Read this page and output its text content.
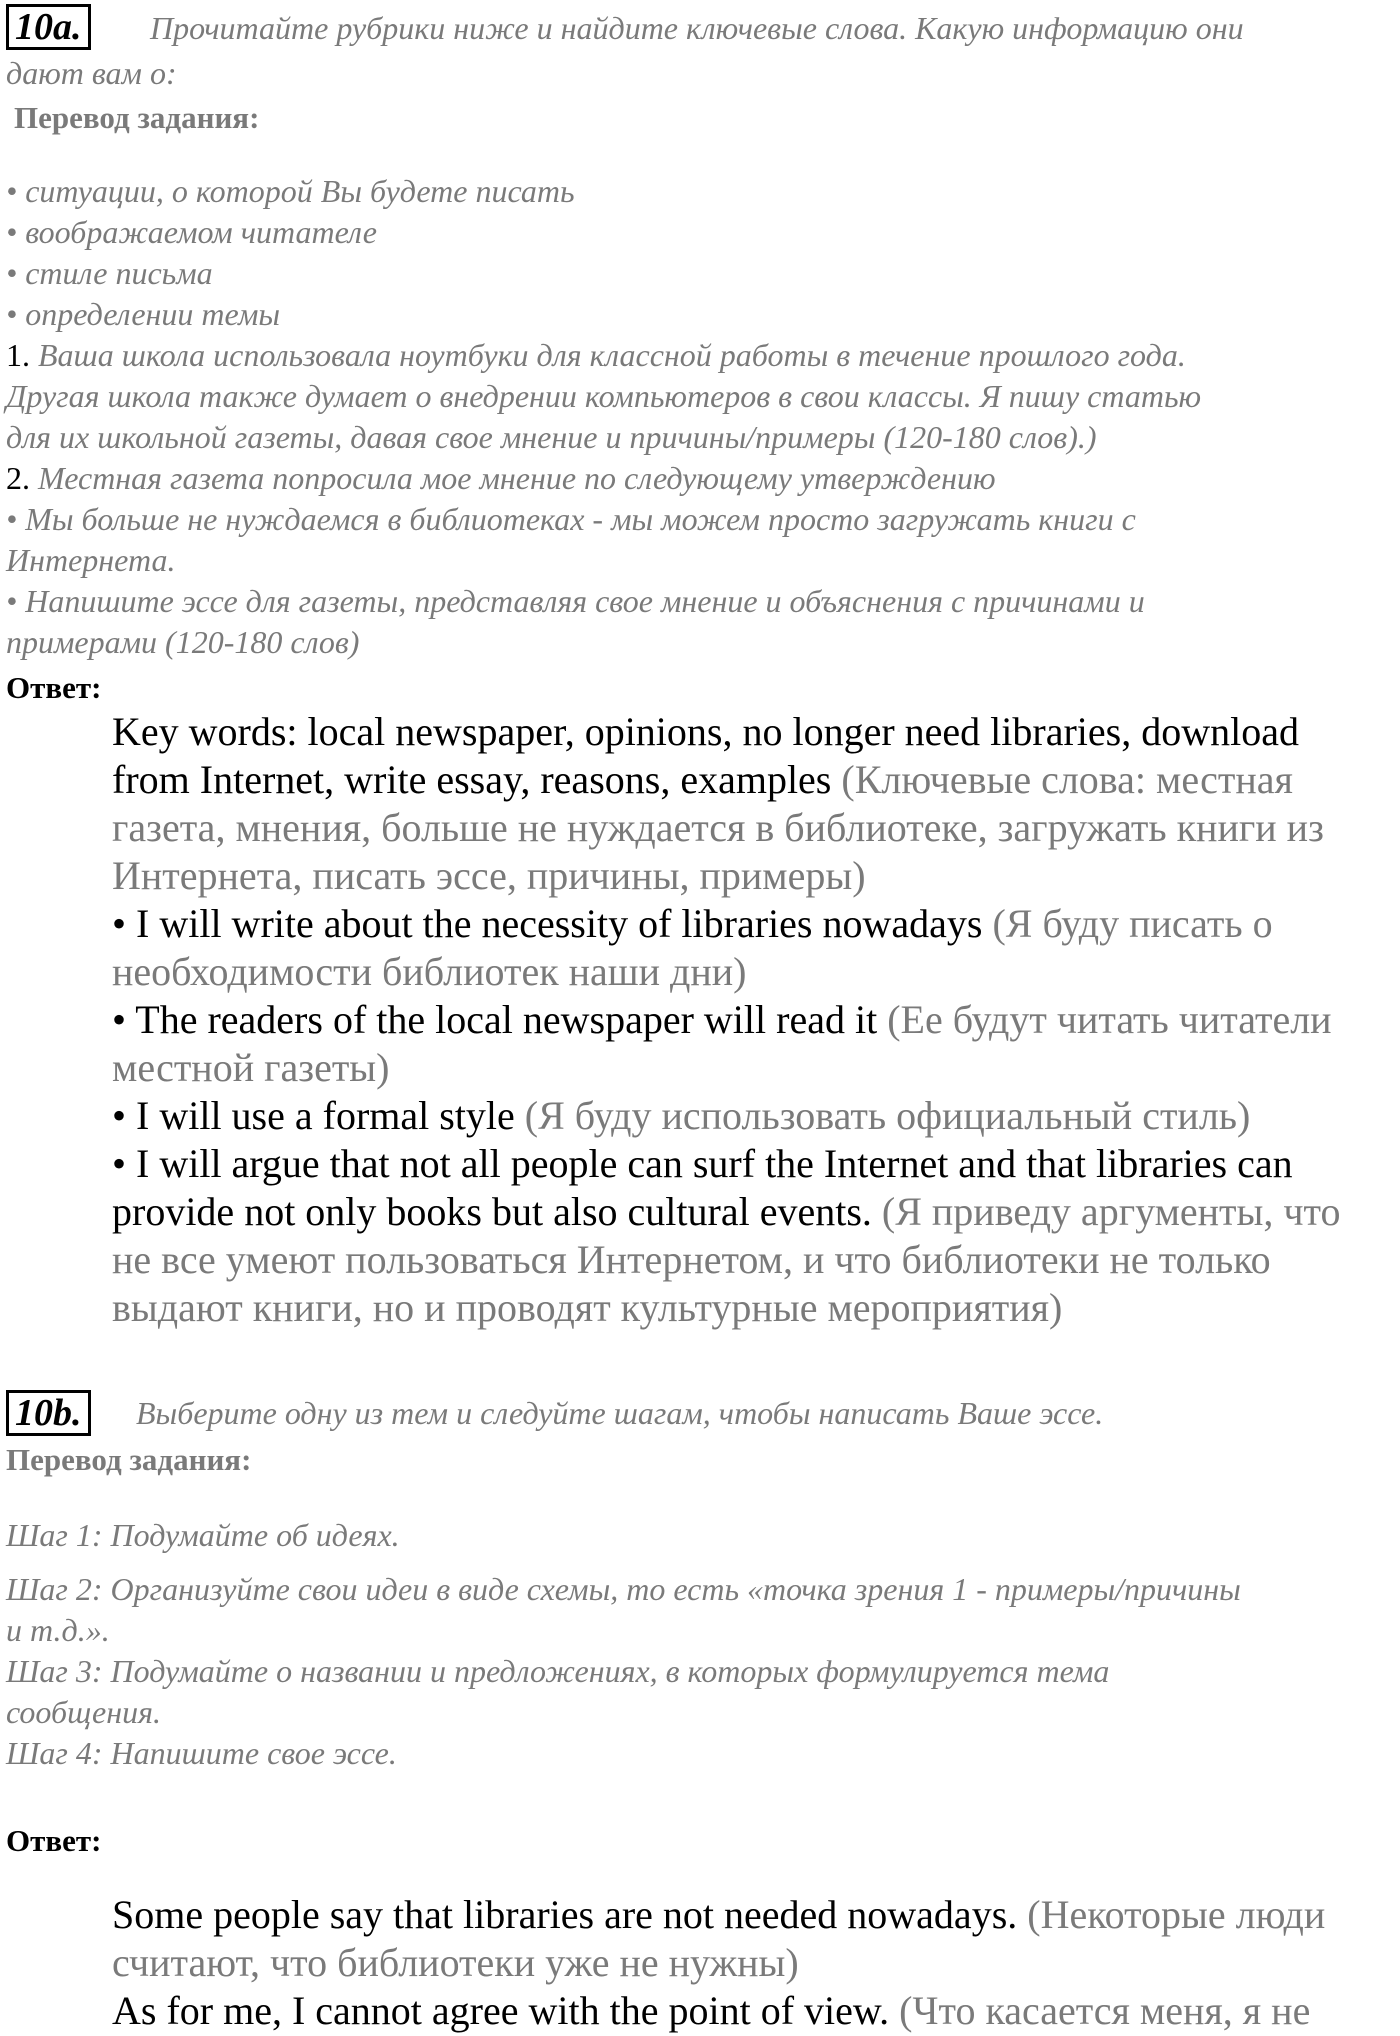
10a. Прочитайте рубрики ниже и найдите ключевые слова. Какую информацию они
дают вам о:
Перевод задания:
• ситуации, о которой Вы будете писать
• воображаемом читателе
• стиле письма
• определении темы
1. Ваша школа использовала ноутбуки для классной работы в течение прошлого года.
Другая школа также думает о внедрении компьютеров в свои классы. Я пишу статью
для их школьной газеты, давая свое мнение и причины/примеры (120-180 слов).)
2. Местная газета попросила мое мнение по следующему утверждению
• Мы больше не нуждаемся в библиотеках - мы можем просто загружать книги с
Интернета.
• Напишите эссе для газеты, представляя свое мнение и объяснения с причинами и
примерами (120-180 слов)
Ответ:
Key words: local newspaper, opinions, no longer need libraries, download
from Internet, write essay, reasons, examples (Ключевые слова: местная
газета, мнения, больше не нуждается в библиотеке, загружать книги из
Интернета, писать эссе, причины, примеры)
• I will write about the necessity of libraries nowadays (Я буду писать о
необходимости библиотек наши дни)
• The readers of the local newspaper will read it (Ее будут читать читатели
местной газеты)
• I will use a formal style (Я буду использовать официальный стиль)
• I will argue that not all people can surf the Internet and that libraries can
provide not only books but also cultural events. (Я приведу аргументы, что
не все умеют пользоваться Интернетом, и что библиотеки не только
выдают книги, но и проводят культурные мероприятия)
10b. Выберите одну из тем и следуйте шагам, чтобы написать Ваше эссе.
Перевод задания:
Шаг 1: Подумайте об идеях.
Шаг 2: Организуйте свои идеи в виде схемы, то есть «точка зрения 1 - примеры/причины
и т.д.».
Шаг 3: Подумайте о названии и предложениях, в которых формулируется тема
сообщения.
Шаг 4: Напишите свое эссе.
Ответ:
Some people say that libraries are not needed nowadays. (Некоторые люди
считают, что библиотеки уже не нужны)
As for me, I cannot agree with the point of view. (Что касается меня, я не
